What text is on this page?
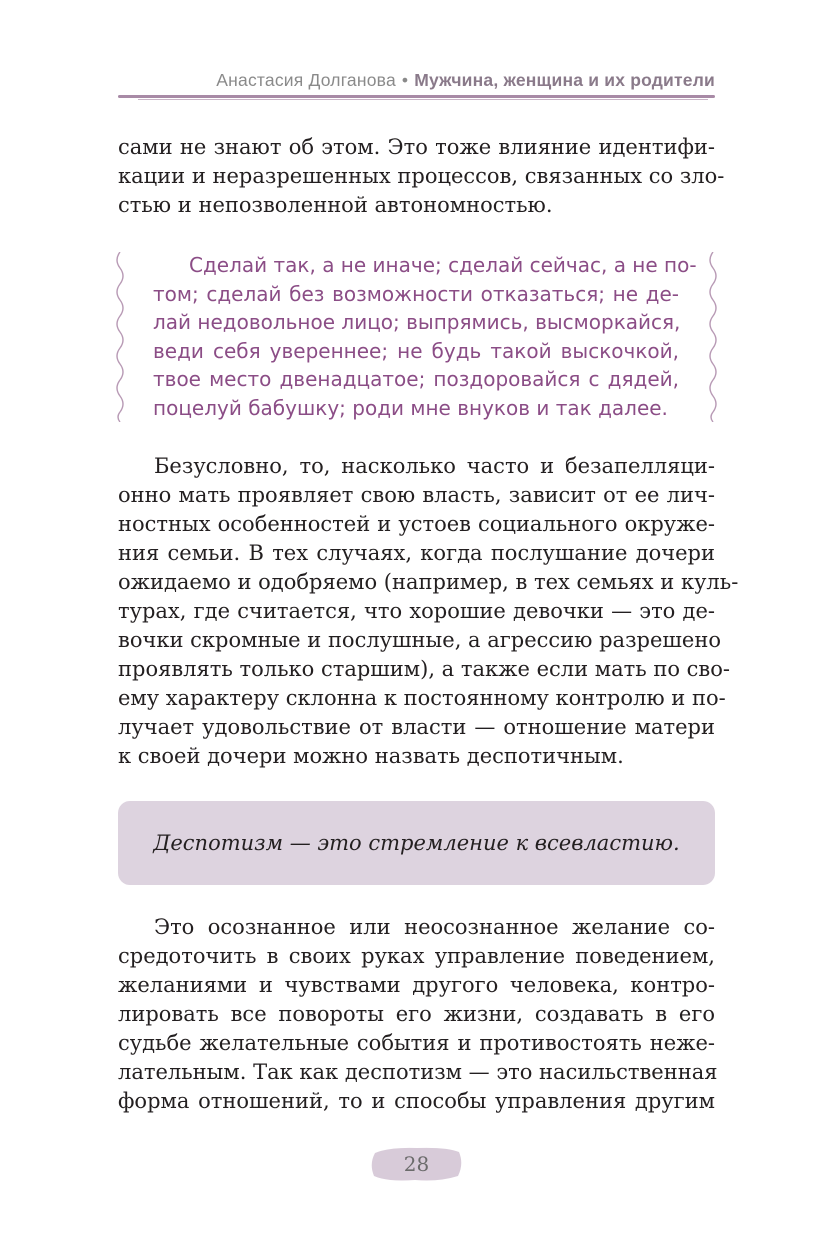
Анастасия Долганова • Мужчина, женщина и их родители
сами не знают об этом. Это тоже влияние идентифи-
кации и неразрешенных процессов, связанных со зло-
стью и непозволенной автономностью.
Сделай так, а не иначе; сделай сейчас, а не по-
том; сделай без возможности отказаться; не де-
лай недовольное лицо; выпрямись, высморкайся,
веди себя увереннее; не будь такой выскочкой,
твое место двенадцатое; поздоровайся с дядей,
поцелуй бабушку; роди мне внуков и так далее.
Безусловно, то, насколько часто и безапелляци-
онно мать проявляет свою власть, зависит от ее лич-
ностных особенностей и устоев социального окруже-
ния семьи. В тех случаях, когда послушание дочери
ожидаемо и одобряемо (например, в тех семьях и куль-
турах, где считается, что хорошие девочки — это де-
вочки скромные и послушные, а агрессию разрешено
проявлять только старшим), а также если мать по сво-
ему характеру склонна к постоянному контролю и по-
лучает удовольствие от власти — отношение матери
к своей дочери можно назвать деспотичным.
Деспотизм — это стремление к всевластию.
Это осознанное или неосознанное желание со-
средоточить в своих руках управление поведением,
желаниями и чувствами другого человека, контро-
лировать все повороты его жизни, создавать в его
судьбе желательные события и противостоять неже-
лательным. Так как деспотизм — это насильственная
форма отношений, то и способы управления другим
28
